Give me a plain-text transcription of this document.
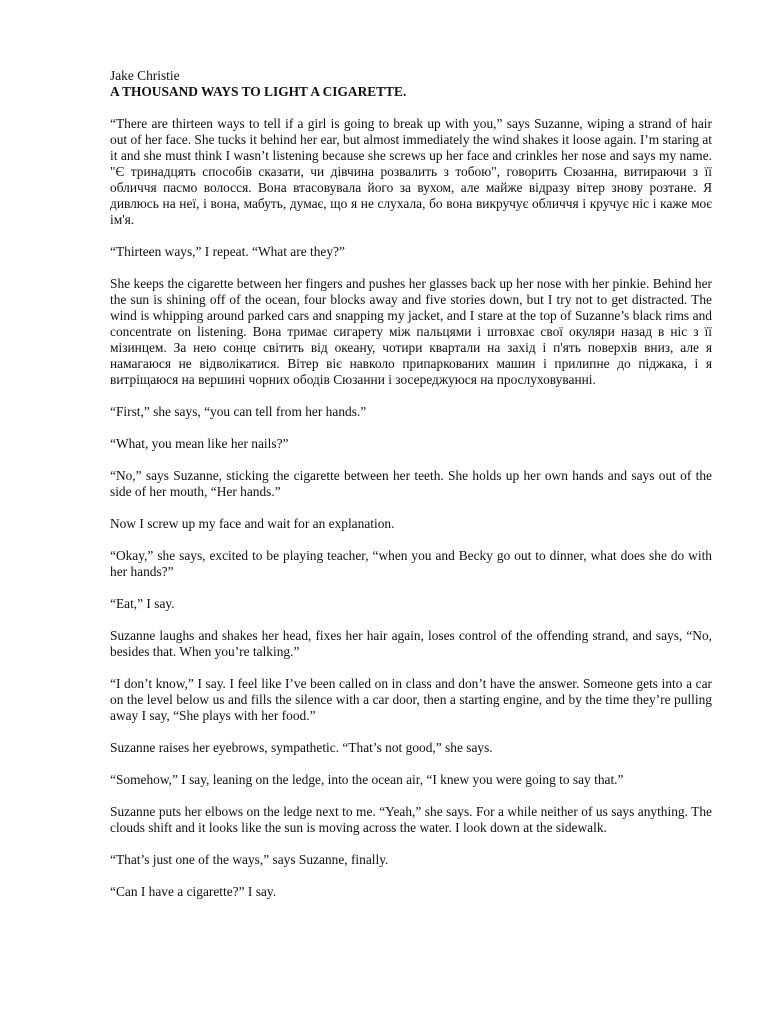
Jake Christie

A THOUSAND WAYS TO LIGHT A CIGARETTE.

“There are thirteen ways to tell if a girl is going to break up with you,” says Suzanne, wiping a strand of hair out of her face. She tucks it behind her ear, but almost immediately the wind shakes it loose again. I’m staring at it and she must think I wasn’t listening because she screws up her face and crinkles her nose and says my name. "Є тринадцять способів сказати, чи дівчина розвалить з тобою", говорить Сюзанна, витираючи з її обличчя пасмо волосся. Вона втасовувала його за вухом, але майже відразу вітер знову розтане. Я дивлюсь на неї, і вона, мабуть, думає, що я не слухала, бо вона викручує обличчя і кручує ніс і каже моє ім'я.

“Thirteen ways,” I repeat. “What are they?”

She keeps the cigarette between her fingers and pushes her glasses back up her nose with her pinkie. Behind her the sun is shining off of the ocean, four blocks away and five stories down, but I try not to get distracted. The wind is whipping around parked cars and snapping my jacket, and I stare at the top of Suzanne’s black rims and concentrate on listening. Вона тримає сигарету між пальцями і штовхає свої окуляри назад в ніс з її мізинцем. За нею сонце світить від океану, чотири квартали на захід і п'ять поверхів вниз, але я намагаюся не відволікатися. Вітер віє навколо припаркованих машин і прилипне до піджака, і я витріщаюся на вершині чорних ободів Сюзанни і зосереджуюся на прослуховуванні.

“First,” she says, “you can tell from her hands.”

“What, you mean like her nails?”

“No,” says Suzanne, sticking the cigarette between her teeth. She holds up her own hands and says out of the side of her mouth, “Her hands.”

Now I screw up my face and wait for an explanation.

“Okay,” she says, excited to be playing teacher, “when you and Becky go out to dinner, what does she do with her hands?”

“Eat,” I say.

Suzanne laughs and shakes her head, fixes her hair again, loses control of the offending strand, and says, “No, besides that. When you’re talking.”

“I don’t know,” I say. I feel like I’ve been called on in class and don’t have the answer. Someone gets into a car on the level below us and fills the silence with a car door, then a starting engine, and by the time they’re pulling away I say, “She plays with her food.”

Suzanne raises her eyebrows, sympathetic. “That’s not good,” she says.

“Somehow,” I say, leaning on the ledge, into the ocean air, “I knew you were going to say that.”

Suzanne puts her elbows on the ledge next to me. “Yeah,” she says. For a while neither of us says anything. The clouds shift and it looks like the sun is moving across the water. I look down at the sidewalk.

“That’s just one of the ways,” says Suzanne, finally.

“Can I have a cigarette?” I say.
